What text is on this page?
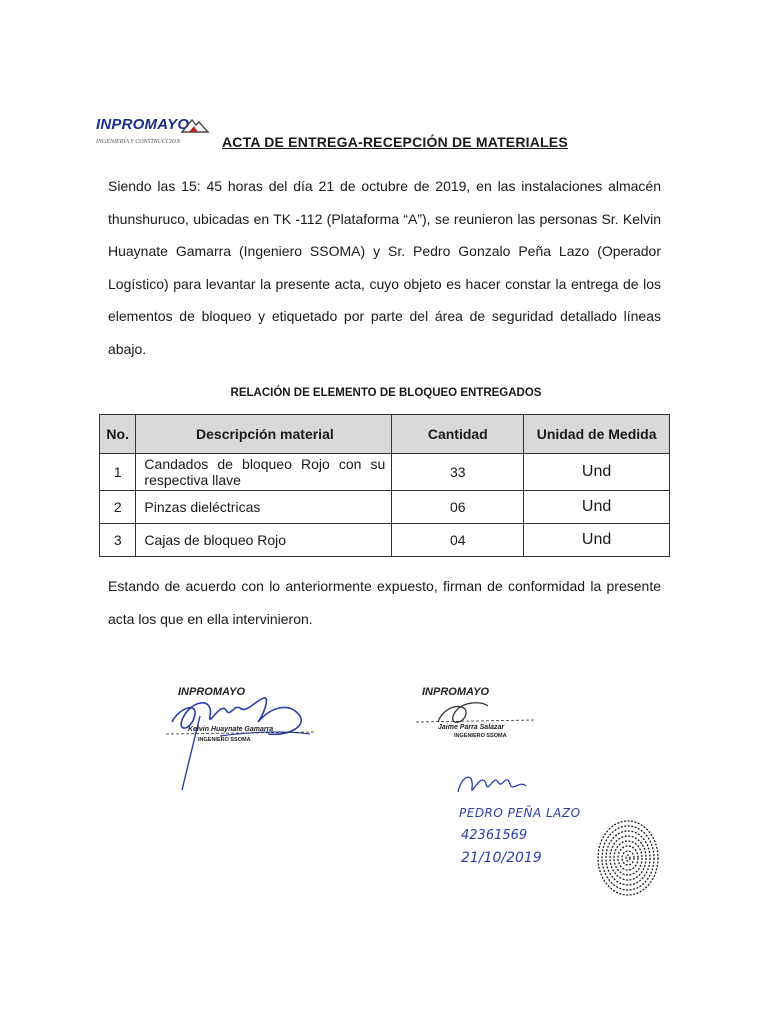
INPROMAYO
INGENIERIA Y CONSTRUCCION	ACTA DE ENTREGA-RECEPCIÓN DE MATERIALES
Siendo las 15: 45 horas del día 21 de octubre de 2019, en las instalaciones almacén thunshuruco, ubicadas en TK -112 (Plataforma “A”), se reunieron las personas Sr. Kelvin Huaynate Gamarra (Ingeniero SSOMA) y Sr. Pedro Gonzalo Peña Lazo (Operador Logístico) para levantar la presente acta, cuyo objeto es hacer constar la entrega de los elementos de bloqueo y etiquetado por parte del área de seguridad detallado líneas abajo.
RELACIÓN DE ELEMENTO DE BLOQUEO ENTREGADOS
No.	Descripción material	Cantidad	Unidad de Medida
1	Candados de bloqueo Rojo con su respectiva llave	33	Und
2	Pinzas dieléctricas	06	Und
3	Cajas de bloqueo Rojo	04	Und
Estando de acuerdo con lo anteriormente expuesto, firman de conformidad la presente acta los que en ella intervinieron.
INPROMAYO
Kelvin Huaynate Gamarra
INGENIERO SSOMA
INPROMAYO
Jaime Parra Salazar
INGENIERO SSOMA
PEDRO PEÑA LAZO
42361569
21/10/2019
